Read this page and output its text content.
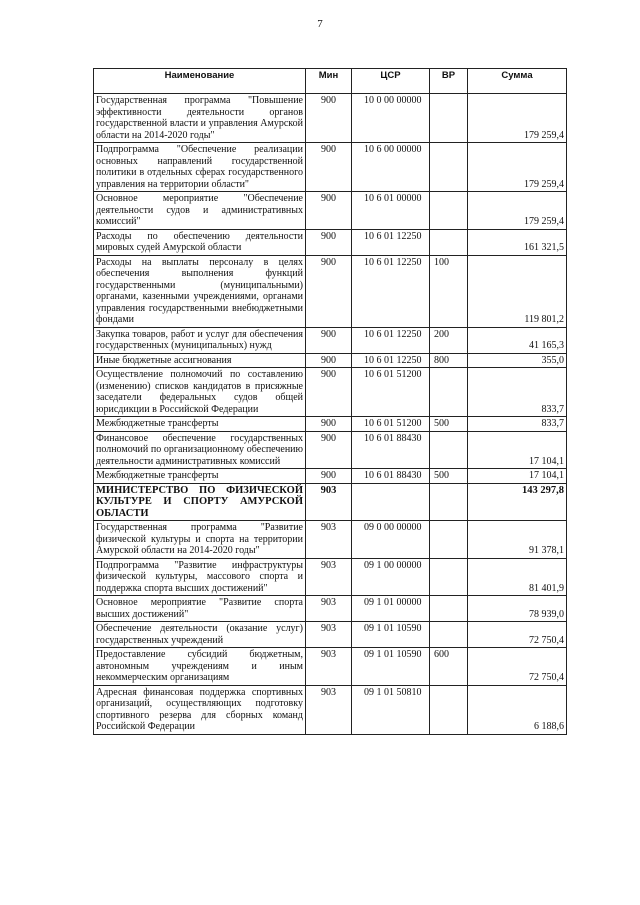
7
Наименование	Мин	ЦСР	ВР	Сумма
Государственная программа "Повышение эффективности деятельности органов государственной власти и управления Амурской области на 2014-2020 годы"	900	10 0 00 00000		179 259,4
Подпрограмма "Обеспечение реализации основных направлений государственной политики в отдельных сферах государственного управления на территории области"	900	10 6 00 00000		179 259,4
Основное мероприятие "Обеспечение деятельности судов и административных комиссий"	900	10 6 01 00000		179 259,4
Расходы по обеспечению деятельности мировых судей Амурской области	900	10 6 01 12250		161 321,5
Расходы на выплаты персоналу в целях обеспечения выполнения функций государственными (муниципальными) органами, казенными учреждениями, органами управления государственными внебюджетными фондами	900	10 6 01 12250	100	119 801,2
Закупка товаров, работ и услуг для обеспечения государственных (муниципальных) нужд	900	10 6 01 12250	200	41 165,3
Иные бюджетные ассигнования	900	10 6 01 12250	800	355,0
Осуществление полномочий по составлению (изменению) списков кандидатов в присяжные заседатели федеральных судов общей юрисдикции в Российской Федерации	900	10 6 01 51200		833,7
Межбюджетные трансферты	900	10 6 01 51200	500	833,7
Финансовое обеспечение государственных полномочий по организационному обеспечению деятельности административных комиссий	900	10 6 01 88430		17 104,1
Межбюджетные трансферты	900	10 6 01 88430	500	17 104,1
МИНИСТЕРСТВО ПО ФИЗИЧЕСКОЙ КУЛЬТУРЕ И СПОРТУ АМУРСКОЙ ОБЛАСТИ	903			143 297,8
Государственная программа "Развитие физической культуры и спорта на территории Амурской области на 2014-2020 годы"	903	09 0 00 00000		91 378,1
Подпрограмма "Развитие инфраструктуры физической культуры, массового спорта и поддержка спорта высших достижений"	903	09 1 00 00000		81 401,9
Основное мероприятие "Развитие спорта высших достижений"	903	09 1 01 00000		78 939,0
Обеспечение деятельности (оказание услуг) государственных учреждений	903	09 1 01 10590		72 750,4
Предоставление субсидий бюджетным, автономным учреждениям и иным некоммерческим организациям	903	09 1 01 10590	600	72 750,4
Адресная финансовая поддержка спортивных организаций, осуществляющих подготовку спортивного резерва для сборных команд Российской Федерации	903	09 1 01 50810		6 188,6
